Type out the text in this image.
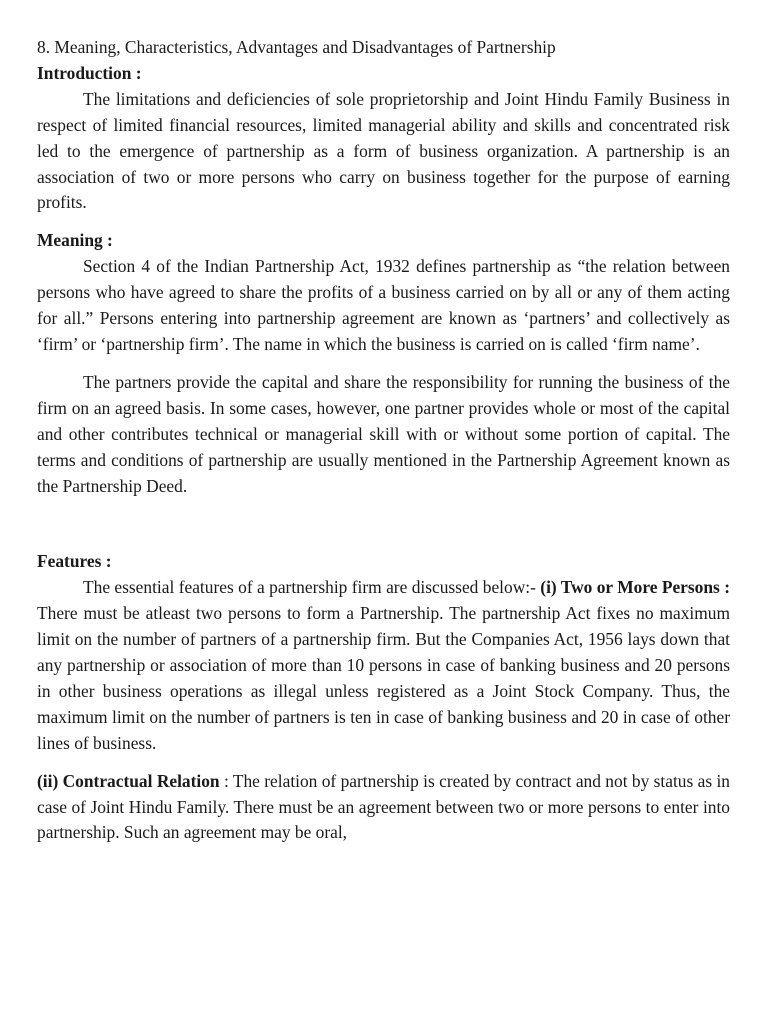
8. Meaning, Characteristics, Advantages and Disadvantages of Partnership

Introduction :

The limitations and deficiencies of sole proprietorship and Joint Hindu Family Business in respect of limited financial resources, limited managerial ability and skills and concentrated risk led to the emergence of partnership as a form of business organization. A partnership is an association of two or more persons who carry on business together for the purpose of earning profits.

Meaning :

Section 4 of the Indian Partnership Act, 1932 defines partnership as “the relation between persons who have agreed to share the profits of a business carried on by all or any of them acting for all.” Persons entering into partnership agreement are known as ‘partners’ and collectively as ‘firm’ or ‘partnership firm’. The name in which the business is carried on is called ‘firm name’.

The partners provide the capital and share the responsibility for running the business of the firm on an agreed basis. In some cases, however, one partner provides whole or most of the capital and other contributes technical or managerial skill with or without some portion of capital. The terms and conditions of partnership are usually mentioned in the Partnership Agreement known as the Partnership Deed.

Features :

The essential features of a partnership firm are discussed below:- (i) Two or More Persons : There must be atleast two persons to form a Partnership. The partnership Act fixes no maximum limit on the number of partners of a partnership firm. But the Companies Act, 1956 lays down that any partnership or association of more than 10 persons in case of banking business and 20 persons in other business operations as illegal unless registered as a Joint Stock Company. Thus, the maximum limit on the number of partners is ten in case of banking business and 20 in case of other lines of business.

(ii) Contractual Relation : The relation of partnership is created by contract and not by status as in case of Joint Hindu Family. There must be an agreement between two or more persons to enter into partnership. Such an agreement may be oral,
